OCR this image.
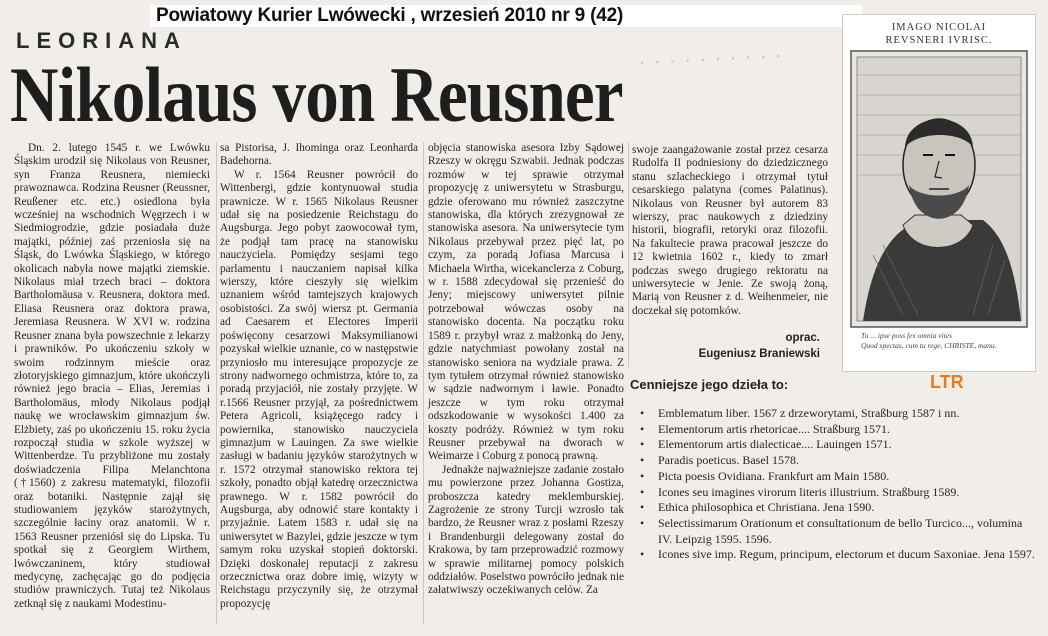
· · · · · · · · · ·
Powiatowy Kurier Lwówecki , wrzesień 2010 nr 9 (42)
LEORIANA
Nikolaus von Reusner

Dn. 2. lutego 1545 r. we Lwówku Śląskim urodził się Nikolaus von Reusner, syn Franza Reusnera, niemiecki prawoznawca. Rodzina Reusner (Reussner, Reußener etc. etc.) osiedlona była wcześniej na wschodnich Węgrzech i w Siedmiogrodzie, gdzie posiadała duże majątki, później zaś przeniosła się na Śląsk, do Lwówka Śląskiego, w którego okolicach nabyła nowe majątki ziemskie. Nikolaus miał trzech braci – doktora Bartholomäusa v. Reusnera, doktora med. Eliasa Reusnera oraz doktora prawa, Jeremiasa Reusnera. W XVI w. rodzina Reusner znana była powszechnie z lekarzy i prawników. Po ukończeniu szkoły w swoim rodzinnym mieście oraz złotoryjskiego gimnazjum, które ukończyli również jego bracia – Elias, Jeremias i Bartholomäus, młody Nikolaus podjął naukę we wrocławskim gimnazjum św. Elżbiety, zaś po ukończeniu 15. roku życia rozpoczął studia w szkole wyższej w Wittenberdze. Tu przybliżone mu zostały doświadczenia Filipa Melanchtona (†1560) z zakresu matematyki, filozofii oraz botaniki. Następnie zajął się studiowaniem języków starożytnych, szczególnie łaciny oraz anatomii. W r. 1563 Reusner przeniósł się do Lipska. Tu spotkał się z Georgiem Wirthem, lwówczaninem, który studiował medycynę, zachęcając go do podjęcia studiów prawniczych. Tutaj też Nikolaus zetknął się z naukami Modestinu-

sa Pistorisa, J. Ihominga oraz Leonharda Badehorna.

W r. 1564 Reusner powrócił do Wittenbergi, gdzie kontynuował studia prawnicze. W r. 1565 Nikolaus Reusner udał się na posiedzenie Reichstagu do Augsburga. Jego pobyt zaowocował tym, że podjął tam pracę na stanowisku nauczyciela. Pomiędzy sesjami tego parlamentu i nauczaniem napisał kilka wierszy, które cieszyły się wielkim uznaniem wśród tamtejszych krajowych osobistości. Za swój wiersz pt. Germania ad Caesarem et Electores Imperii poświęcony cesarzowi Maksymilianowi pozyskał wielkie uznanie, co w następstwie przyniosło mu interesujące propozycje ze strony nadwornego ochmistrza, które to, za poradą przyjaciół, nie zostały przyjęte. W r.1566 Reusner przyjął, za pośrednictwem Petera Agricoli, książęcego radcy i powiernika, stanowisko nauczyciela gimnazjum w Lauingen. Za swe wielkie zasługi w badaniu języków starożytnych w r. 1572 otrzymał stanowisko rektora tej szkoły, ponadto objął katedrę orzecznictwa prawnego. W r. 1582 powrócił do Augsburga, aby odnowić stare kontakty i przyjaźnie. Latem 1583 r. udał się na uniwersytet w Bazylei, gdzie jeszcze w tym samym roku uzyskał stopień doktorski. Dzięki doskonałej reputacji z zakresu orzecznictwa oraz dobre imię, wizyty w Reichstagu przyczyniły się, że otrzymał propozycję

objęcia stanowiska asesora Izby Sądowej Rzeszy w okręgu Szwabii. Jednak podczas rozmów w tej sprawie otrzymał propozycję z uniwersytetu w Strasburgu, gdzie oferowano mu również zaszczytne stanowiska, dla których zrezygnował ze stanowiska asesora. Na uniwersytecie tym Nikolaus przebywał przez pięć lat, po czym, za poradą Jofiasa Marcusa i Michaela Wirtha, wicekanclerza z Coburg, w r. 1588 zdecydował się przenieść do Jeny; miejscowy uniwersytet pilnie potrzebował wówczas osoby na stanowisko docenta. Na początku roku 1589 r. przybył wraz z małżonką do Jeny, gdzie natychmiast powołany został na stanowisko seniora na wydziale prawa. Z tym tytułem otrzymał również stanowisko w sądzie nadwornym i ławie. Ponadto jeszcze w tym roku otrzymał odszkodowanie w wysokości 1.400 za koszty podróży. Również w tym roku Reusner przebywał na dworach w Weimarze i Coburg z ponocą prawną.

Jednakże najważniejsze zadanie zostało mu powierzone przez Johanna Gostiza, proboszcza katedry meklemburskiej. Zagrożenie ze strony Turcji wzrosło tak bardzo, że Reusner wraz z posłami Rzeszy i Brandenburgii delegowany został do Krakowa, by tam przeprowadzić rozmowy w sprawie militarnej pomocy polskich oddziałów. Poselstwo powróciło jednak nie załatwiwszy oczekiwanych celów. Za

swoje zaangażowanie został przez cesarza Rudolfa II podniesiony do dziedzicznego stanu szlacheckiego i otrzymał tytuł cesarskiego palatyna (comes Palatinus). Nikolaus von Reusner był autorem 83 wierszy, prac naukowych z dziedziny historii, biografii, retoryki oraz filozofii. Na fakultecie prawa pracował jeszcze do 12 kwietnia 1602 r., kiedy to zmarł podczas swego drugiego rektoratu na uniwersytecie w Jenie. Ze swoją żoną, Marią von Reusner z d. Weihenmeier, nie doczekał się potomków.

oprac.
Eugeniusz Braniewski
IMAGO NICOLAI
REVSNERI IVRISC.
Tu ... ipse poss fex omnia vites
Quod spectas, cum tu rege, CHRISTE, manu.
Cenniejsze jego dzieła to:	LTR
• Emblematum liber. 1567 z drzeworytami, Straßburg 1587 i nn.
• Elementorum artis rhetoricae.... Straßburg 1571.
• Elementorum artis dialecticae.... Lauingen 1571.
• Paradis poeticus. Basel 1578.
• Picta poesis Ovidiana. Frankfurt am Main 1580.
• Icones seu imagines virorum literis illustrium. Straßburg 1589.
• Ethica philosophica et Christiana. Jena 1590.
• Selectissimarum Orationum et consultationum de bello Turcico..., volumina IV. Leipzig 1595. 1596.
• Icones sive imp. Regum, principum, electorum et ducum Saxoniae. Jena 1597.
